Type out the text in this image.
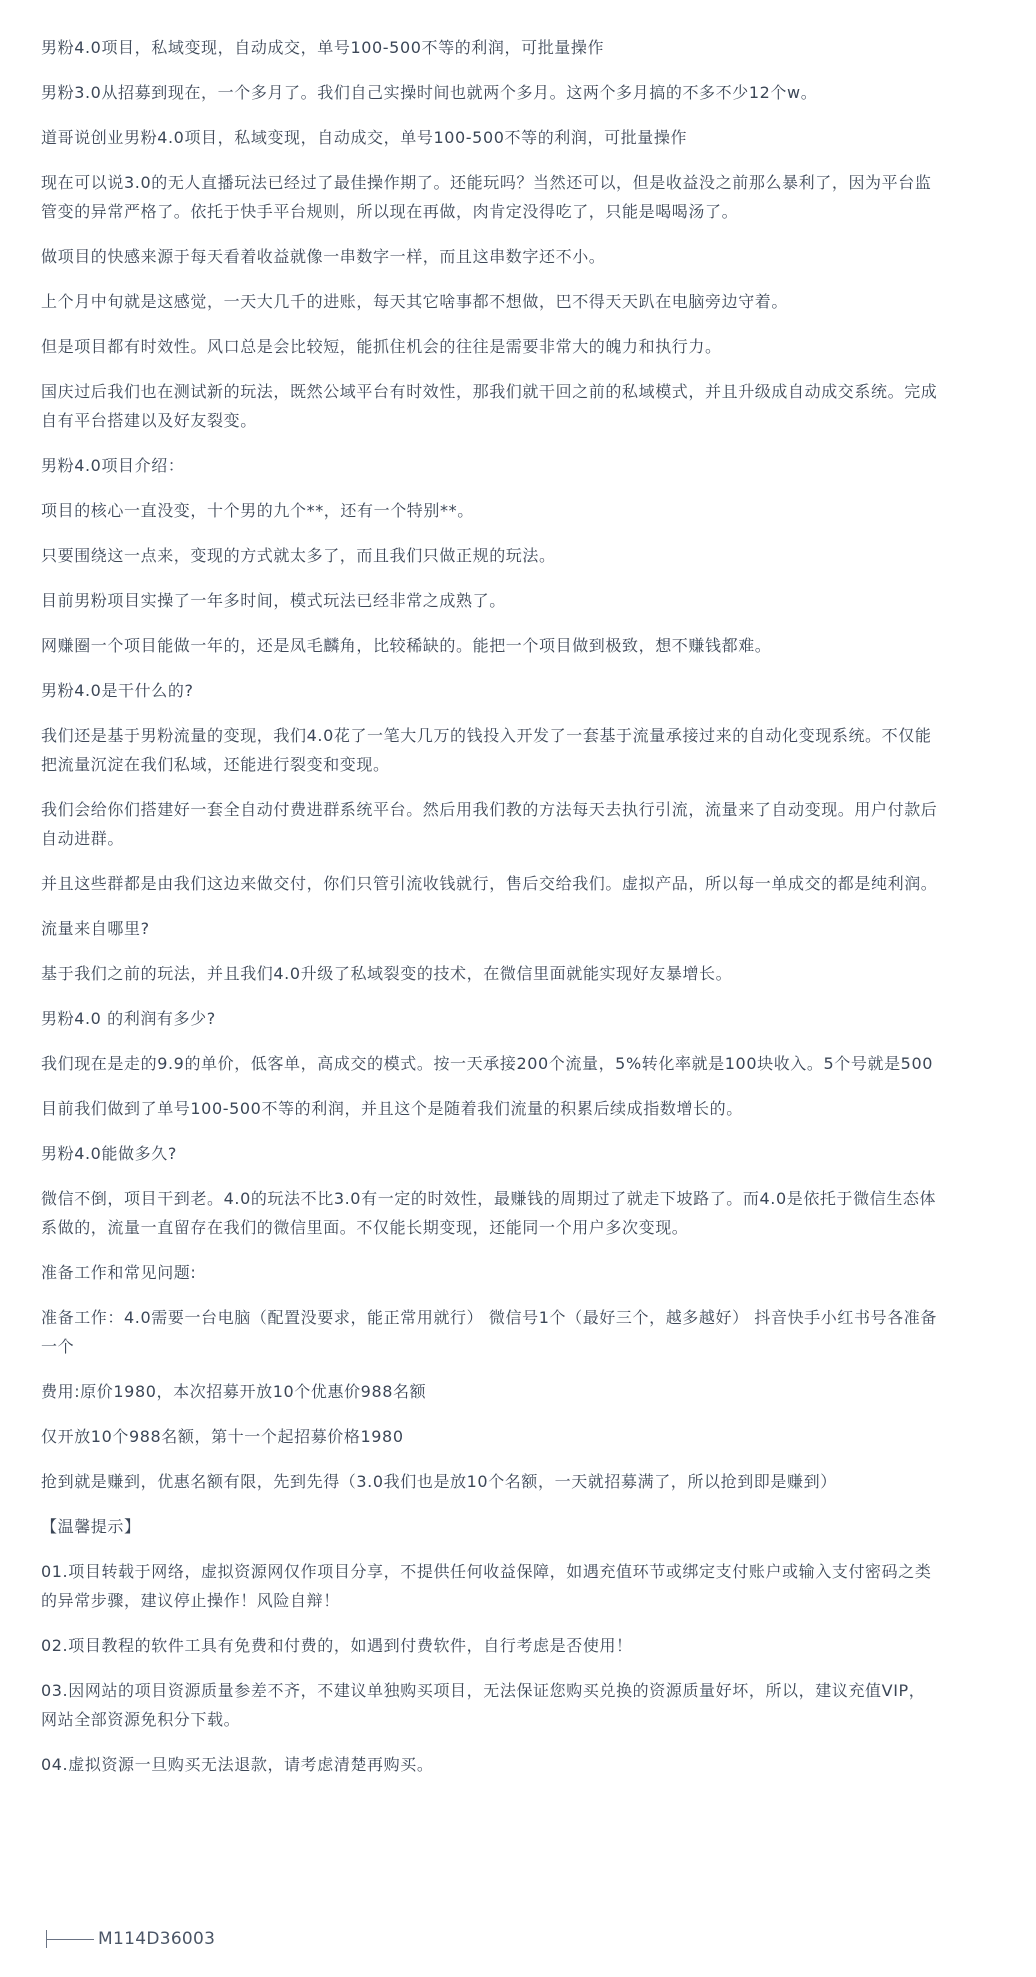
男粉4.0项目，私域变现，自动成交，单号100-500不等的利润，可批量操作

男粉3.0从招募到现在，一个多月了。我们自己实操时间也就两个多月。这两个多月搞的不多不少12个w。

道哥说创业男粉4.0项目，私域变现，自动成交，单号100-500不等的利润，可批量操作

现在可以说3.0的无人直播玩法已经过了最佳操作期了。还能玩吗？当然还可以，但是收益没之前那么暴利了，因为平台监管变的异常严格了。依托于快手平台规则，所以现在再做，肉肯定没得吃了，只能是喝喝汤了。

做项目的快感来源于每天看着收益就像一串数字一样，而且这串数字还不小。

上个月中旬就是这感觉，一天大几千的进账，每天其它啥事都不想做，巴不得天天趴在电脑旁边守着。

但是项目都有时效性。风口总是会比较短，能抓住机会的往往是需要非常大的魄力和执行力。

国庆过后我们也在测试新的玩法，既然公域平台有时效性，那我们就干回之前的私域模式，并且升级成自动成交系统。完成自有平台搭建以及好友裂变。

男粉4.0项目介绍：

项目的核心一直没变，十个男的九个**，还有一个特别**。

只要围绕这一点来，变现的方式就太多了，而且我们只做正规的玩法。

目前男粉项目实操了一年多时间，模式玩法已经非常之成熟了。

网赚圈一个项目能做一年的，还是凤毛麟角，比较稀缺的。能把一个项目做到极致，想不赚钱都难。

男粉4.0是干什么的?

我们还是基于男粉流量的变现，我们4.0花了一笔大几万的钱投入开发了一套基于流量承接过来的自动化变现系统。不仅能把流量沉淀在我们私域，还能进行裂变和变现。

我们会给你们搭建好一套全自动付费进群系统平台。然后用我们教的方法每天去执行引流，流量来了自动变现。用户付款后自动进群。

并且这些群都是由我们这边来做交付，你们只管引流收钱就行，售后交给我们。虚拟产品，所以每一单成交的都是纯利润。

流量来自哪里?

基于我们之前的玩法，并且我们4.0升级了私域裂变的技术，在微信里面就能实现好友暴增长。

男粉4.0 的利润有多少?

我们现在是走的9.9的单价，低客单，高成交的模式。按一天承接200个流量，5%转化率就是100块收入。5个号就是500

目前我们做到了单号100-500不等的利润，并且这个是随着我们流量的积累后续成指数增长的。

男粉4.0能做多久?

微信不倒，项目干到老。4.0的玩法不比3.0有一定的时效性，最赚钱的周期过了就走下坡路了。而4.0是依托于微信生态体系做的，流量一直留存在我们的微信里面。不仅能长期变现，还能同一个用户多次变现。

准备工作和常见问题:

准备工作：4.0需要一台电脑（配置没要求，能正常用就行） 微信号1个（最好三个，越多越好） 抖音快手小红书号各准备一个

费用:原价1980，本次招募开放10个优惠价988名额

仅开放10个988名额，第十一个起招募价格1980

抢到就是赚到，优惠名额有限，先到先得（3.0我们也是放10个名额，一天就招募满了，所以抢到即是赚到）

【温馨提示】

01.项目转载于网络，虚拟资源网仅作项目分享，不提供任何收益保障，如遇充值环节或绑定支付账户或输入支付密码之类的异常步骤，建议停止操作！风险自辩！

02.项目教程的软件工具有免费和付费的，如遇到付费软件，自行考虑是否使用！

03.因网站的项目资源质量参差不齐，不建议单独购买项目，无法保证您购买兑换的资源质量好坏，所以，建议充值VIP，网站全部资源免积分下载。

04.虚拟资源一旦购买无法退款，请考虑清楚再购买。

M114D36003
